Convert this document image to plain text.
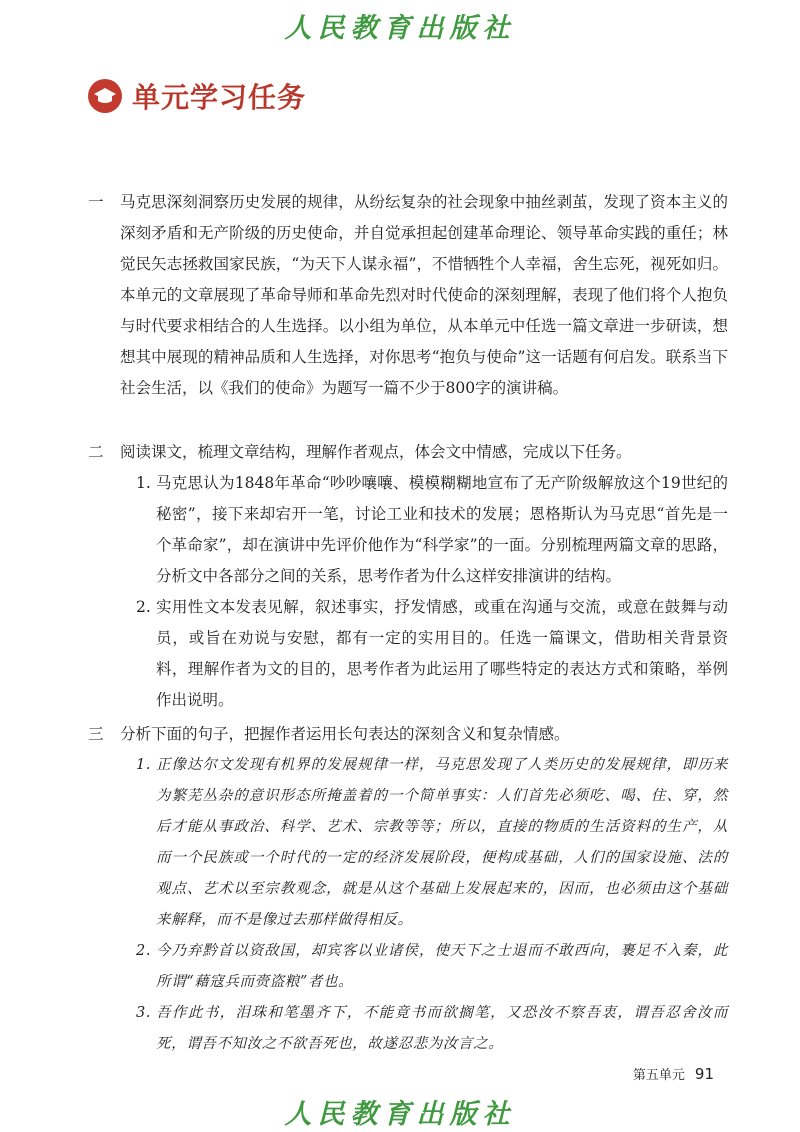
人民教育出版社
单元学习任务
一	马克思深刻洞察历史发展的规律，从纷纭复杂的社会现象中抽丝剥茧，发现了资本主义的深刻矛盾和无产阶级的历史使命，并自觉承担起创建革命理论、领导革命实践的重任；林觉民矢志拯救国家民族，“为天下人谋永福”，不惜牺牲个人幸福，舍生忘死，视死如归。本单元的文章展现了革命导师和革命先烈对时代使命的深刻理解，表现了他们将个人抱负与时代要求相结合的人生选择。以小组为单位，从本单元中任选一篇文章进一步研读，想想其中展现的精神品质和人生选择，对你思考“抱负与使命”这一话题有何启发。联系当下社会生活，以《我们的使命》为题写一篇不少于800字的演讲稿。
二	阅读课文，梳理文章结构，理解作者观点，体会文中情感，完成以下任务。
1. 马克思认为1848年革命“吵吵嚷嚷、模模糊糊地宣布了无产阶级解放这个19世纪的秘密”，接下来却宕开一笔，讨论工业和技术的发展；恩格斯认为马克思“首先是一个革命家”，却在演讲中先评价他作为“科学家”的一面。分别梳理两篇文章的思路，分析文中各部分之间的关系，思考作者为什么这样安排演讲的结构。
2. 实用性文本发表见解，叙述事实，抒发情感，或重在沟通与交流，或意在鼓舞与动员，或旨在劝说与安慰，都有一定的实用目的。任选一篇课文，借助相关背景资料，理解作者为文的目的，思考作者为此运用了哪些特定的表达方式和策略，举例作出说明。
三	分析下面的句子，把握作者运用长句表达的深刻含义和复杂情感。
1. 正像达尔文发现有机界的发展规律一样，马克思发现了人类历史的发展规律，即历来为繁芜丛杂的意识形态所掩盖着的一个简单事实：人们首先必须吃、喝、住、穿，然后才能从事政治、科学、艺术、宗教等等；所以，直接的物质的生活资料的生产，从而一个民族或一个时代的一定的经济发展阶段，便构成基础，人们的国家设施、法的观点、艺术以至宗教观念，就是从这个基础上发展起来的，因而，也必须由这个基础来解释，而不是像过去那样做得相反。
2. 今乃弃黔首以资敌国，却宾客以业诸侯，使天下之士退而不敢西向，裹足不入秦，此所谓“藉寇兵而赍盗粮”者也。
3. 吾作此书，泪珠和笔墨齐下，不能竟书而欲搁笔，又恐汝不察吾衷，谓吾忍舍汝而死，谓吾不知汝之不欲吾死也，故遂忍悲为汝言之。
第五单元 91
人民教育出版社
